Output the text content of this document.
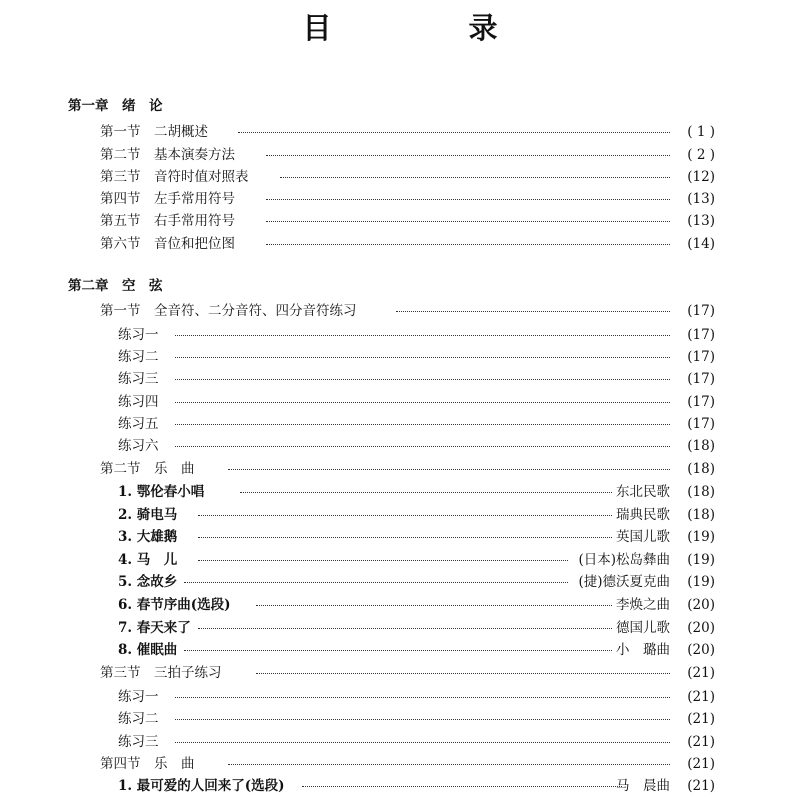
目　录
第一章　绪　论
第一节　二胡概述	( 1 )
第二节　基本演奏方法	( 2 )
第三节　音符时值对照表	(12)
第四节　左手常用符号	(13)
第五节　右手常用符号	(13)
第六节　音位和把位图	(14)
第二章　空　弦
第一节　全音符、二分音符、四分音符练习	(17)
练习一	(17)
练习二	(17)
练习三	(17)
练习四	(17)
练习五	(17)
练习六	(18)
第二节　乐　曲	(18)
1. 鄂伦春小唱	东北民歌 (18)
2. 骑电马	瑞典民歌 (18)
3. 大雄鹅	英国儿歌 (19)
4. 马　儿	(日本)松岛彝曲 (19)
5. 念故乡	(捷)德沃夏克曲 (19)
6. 春节序曲(选段)	李焕之曲 (20)
7. 春天来了	德国儿歌 (20)
8. 催眠曲	小　璐曲 (20)
第三节　三拍子练习	(21)
练习一	(21)
练习二	(21)
练习三	(21)
第四节　乐　曲	(21)
1. 最可爱的人回来了(选段)	马　晨曲 (21)
